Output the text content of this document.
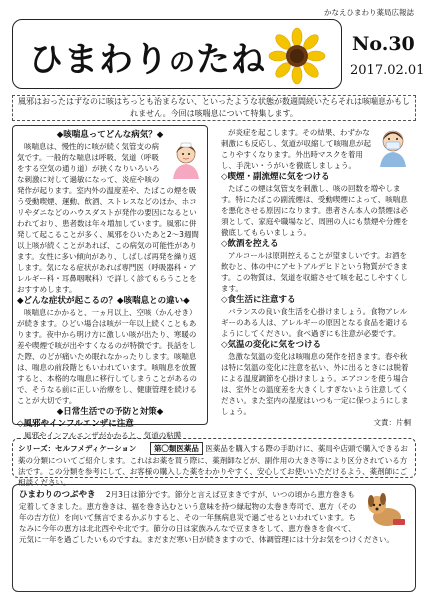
かなえひまわり薬局広報誌
ひまわりのたね	No.30
2017.02.01
風邪はおったはずなのに咳はちっとも治まらない、といったような状態が数週間続いたらそれは咳喘息かもしれません。今回は咳喘息について特集します。
◆咳喘息ってどんな病気？◆
咳喘息は、慢性的に咳が続く気管支の病気です。一般的な喘息は呼吸、気道（呼吸をする空気の通り道）が狭くなりいろいろな刺激に対して過敏になって、炎症や咳の発作が起ります。室内外の温度差や、たばこの煙を吸う受動喫煙、運動、飲酒、ストレスなどのほか、ホコリやダニなどのハウスダストが発作の要因になるといわれており、患者数は年々増加しています。風邪に併発して起こることが多く、風邪をひいたあと2〜3週間以上咳が続くことがあれば、この病気の可能性があります。女性に多い傾向があり、しばしば再発を繰り返します。気になる症状があれば専門医（呼吸器科・アレルギー科・耳鼻咽喉科）で詳しく診てもらうことをおすすめします。
◆どんな症状が起こるの？◆咳喘息との違い◆
咳喘息にかかると、一ヵ月以上、空咳（かんせき）が続きます。ひどい場合は咳が一年以上続くこともあります。夜中から明け方に激しい咳が出たり、寒暖の差や喫煙で咳が出やすくなるのが特徴です。長話をした際、のどが痛いため眠れなかったりします。咳喘息は、喘息の前段階ともいわれています。咳喘息を放置すると、本格的な喘息に移行してしまうことがあるので、そうなる前に正しい治療をし、健康管理を続けることが大切です。
◆日常生活での予防と対策◆
◇風邪やインフルエンザに注意
風邪やインフルエンザがかかると、気道の粘膜
が炎症を起こします。その結果、わずかな刺激にも反応し、気道が収縮して咳喘息が起こりやすくなります。外出時マスクを着用し、手洗い・うがいを徹底しましょう。
◇喫煙・副流煙に気をつける
たばこの煙は気管支を刺激し、咳の回数を増やします。特にたばこの副流煙は、受動喫煙によって、咳喘息を悪化させる原因になります。患者さん本人の禁煙は必須として、家庭や職場など、周囲の人にも禁煙や分煙を徹底してもらいましょう。
◇飲酒を控える
アルコールは原則控えることが望ましいです。お酒を飲むと、体の中にアセトアルデヒドという物質ができます。この物質は、気道を収縮させて咳を起こしやすくします。
◇食生活に注意する
バランスの良い食生活を心掛けましょう。食物アレルギーのある人は、アレルギーの原因となる食品を避けるようにしてください。食べ過ぎにも注意が必要です。
◇気温の変化に気をつける
急激な気温の変化は咳喘息の発作を招きます。春や秋は特に気温の変化に注意を払い、外に出るときには脱着による温度調節を心掛けましょう。エアコンを使う場合は、室外との温度差を大きくしすぎないよう注意してください。また室内の湿度はいつも一定に保つようにしましょう。
文責：片桐
シリーズ：セルフメディケーション　第〇類医薬品 医薬品を購入する際の手助けに、薬局や店頭で購入できるお薬の分類についてご紹介します。これはお薬を買う際に、薬剤師などが、副作用の大きさ等により区分されている方法です。この分類を参考にして、お客様の購入した薬をわかりやすく、安心してお使いいただけるよう、薬剤師にご相談ください。
ひまわりのつぶやき 2月3日は節分です。節分と言えば豆まきですが、いつの頃から恵方巻きも定着してきました。恵方巻きは、福を巻き込むという意味を持つ縁起物の太巻き寿司で、恵方（その年の吉方位）を向いて無言でまるかぶりすると、その一年無病息災で過ごせるといわれています。ちなみに今年の恵方は北北西やや北です。節分の日は家族みんなで豆まきをして、恵方巻きを食べて、元気に一年を過ごしたいものですね。まだまだ寒い日が続きますので、体調管理には十分お気をつけください。
